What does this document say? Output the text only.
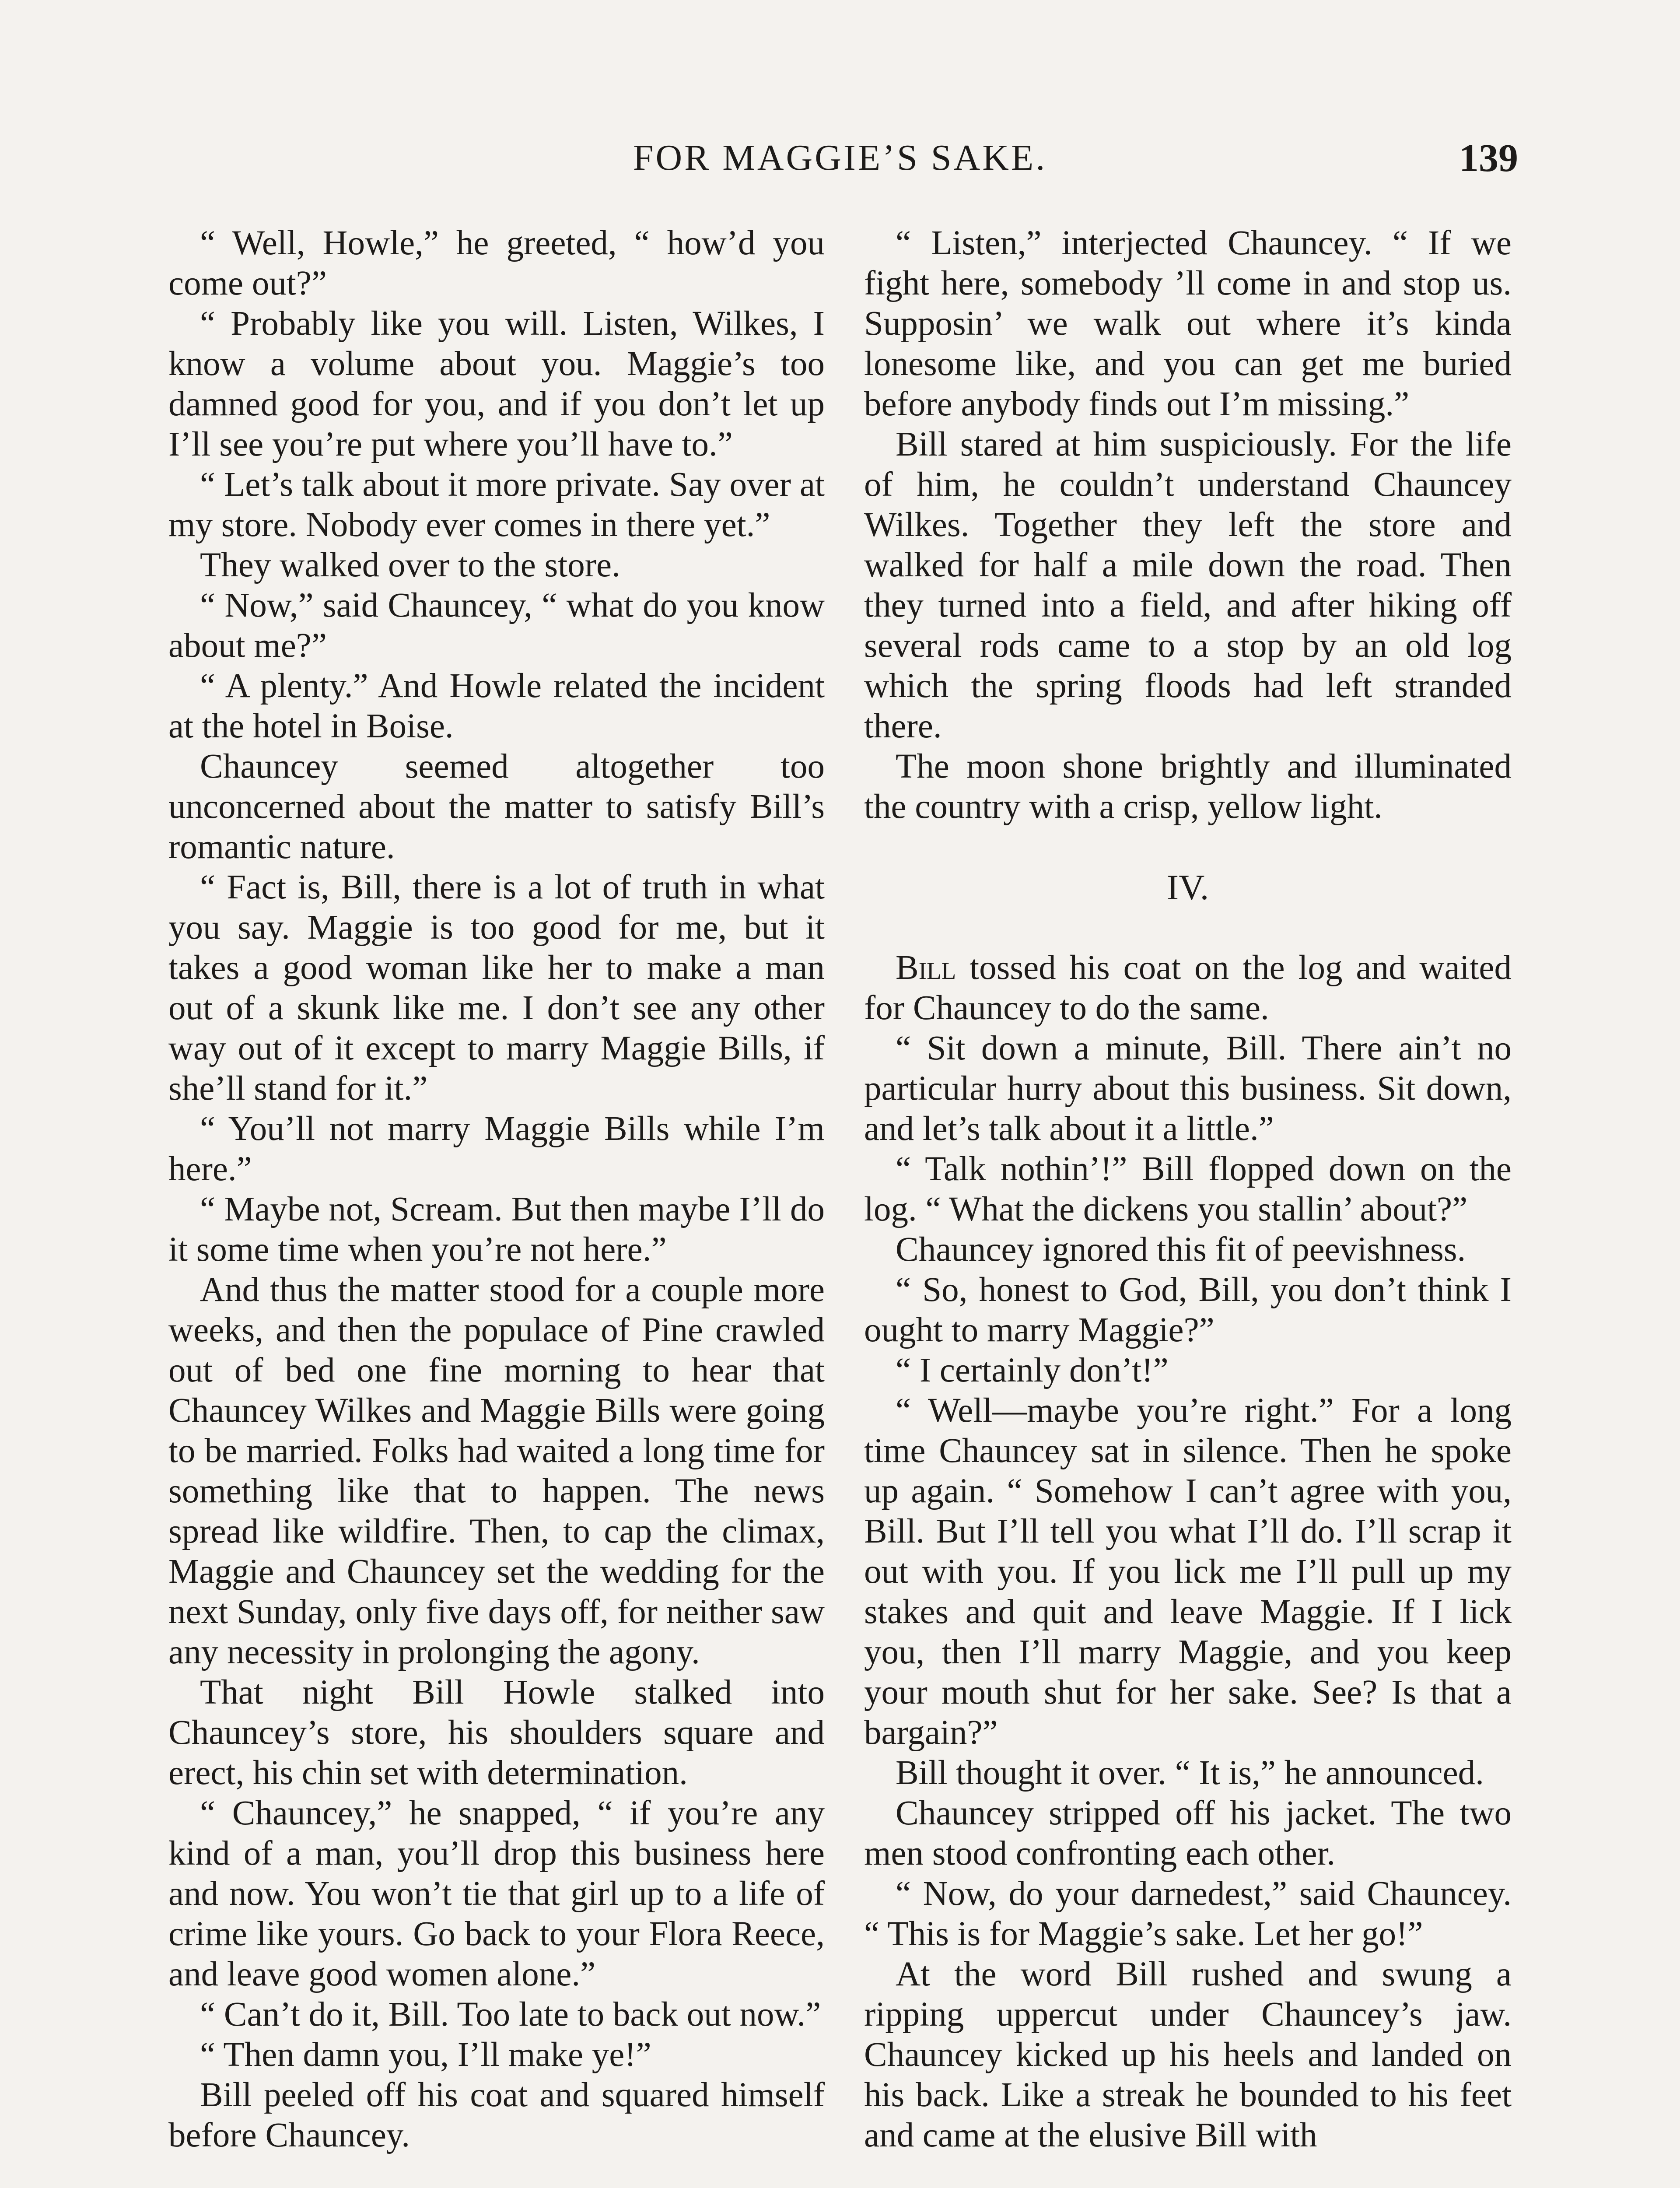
FOR MAGGIE’S SAKE.	139

“ Well, Howle,” he greeted, “ how’d you come out?”

“ Probably like you will. Listen, Wilkes, I know a volume about you. Maggie’s too damned good for you, and if you don’t let up I’ll see you’re put where you’ll have to.”

“ Let’s talk about it more private. Say over at my store. Nobody ever comes in there yet.”

They walked over to the store.

“ Now,” said Chauncey, “ what do you know about me?”

“ A plenty.” And Howle related the incident at the hotel in Boise.

Chauncey seemed altogether too unconcerned about the matter to satisfy Bill’s romantic nature.

“ Fact is, Bill, there is a lot of truth in what you say. Maggie is too good for me, but it takes a good woman like her to make a man out of a skunk like me. I don’t see any other way out of it except to marry Maggie Bills, if she’ll stand for it.”

“ You’ll not marry Maggie Bills while I’m here.”

“ Maybe not, Scream. But then maybe I’ll do it some time when you’re not here.”

And thus the matter stood for a couple more weeks, and then the populace of Pine crawled out of bed one fine morning to hear that Chauncey Wilkes and Maggie Bills were going to be married. Folks had waited a long time for something like that to happen. The news spread like wildfire. Then, to cap the climax, Maggie and Chauncey set the wedding for the next Sunday, only five days off, for neither saw any necessity in prolonging the agony.

That night Bill Howle stalked into Chauncey’s store, his shoulders square and erect, his chin set with determination.

“ Chauncey,” he snapped, “ if you’re any kind of a man, you’ll drop this business here and now. You won’t tie that girl up to a life of crime like yours. Go back to your Flora Reece, and leave good women alone.”

“ Can’t do it, Bill. Too late to back out now.”

“ Then damn you, I’ll make ye!”

Bill peeled off his coat and squared himself before Chauncey.

“ Listen,” interjected Chauncey. “ If we fight here, somebody ’ll come in and stop us. Supposin’ we walk out where it’s kinda lonesome like, and you can get me buried before anybody finds out I’m missing.”

Bill stared at him suspiciously. For the life of him, he couldn’t understand Chauncey Wilkes. Together they left the store and walked for half a mile down the road. Then they turned into a field, and after hiking off several rods came to a stop by an old log which the spring floods had left stranded there.

The moon shone brightly and illuminated the country with a crisp, yellow light.

IV.

Bill tossed his coat on the log and waited for Chauncey to do the same.

“ Sit down a minute, Bill. There ain’t no particular hurry about this business. Sit down, and let’s talk about it a little.”

“ Talk nothin’!” Bill flopped down on the log. “ What the dickens you stallin’ about?”

Chauncey ignored this fit of peevishness.

“ So, honest to God, Bill, you don’t think I ought to marry Maggie?”

“ I certainly don’t!”

“ Well—maybe you’re right.” For a long time Chauncey sat in silence. Then he spoke up again. “ Somehow I can’t agree with you, Bill. But I’ll tell you what I’ll do. I’ll scrap it out with you. If you lick me I’ll pull up my stakes and quit and leave Maggie. If I lick you, then I’ll marry Maggie, and you keep your mouth shut for her sake. See? Is that a bargain?”

Bill thought it over. “ It is,” he announced.

Chauncey stripped off his jacket. The two men stood confronting each other.

“ Now, do your darnedest,” said Chauncey. “ This is for Maggie’s sake. Let her go!”

At the word Bill rushed and swung a ripping uppercut under Chauncey’s jaw. Chauncey kicked up his heels and landed on his back. Like a streak he bounded to his feet and came at the elusive Bill with
